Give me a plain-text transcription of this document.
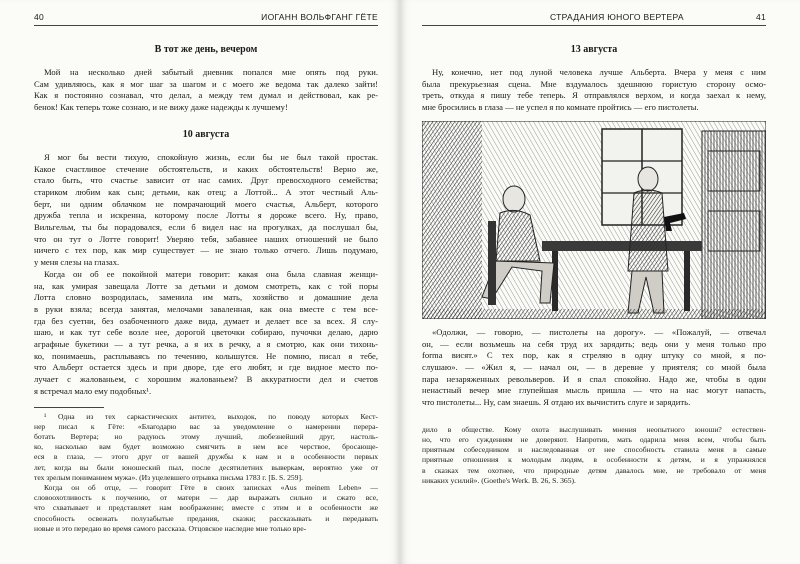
40	ИОГАНН ВОЛЬФГАНГ ГЁТЕ
В тот же день, вечером
Мой на несколько дней забытый дневник попался мне опять под руки.
Сам удивляюсь, как я мог шаг за шагом и с моего же ведома так далеко зайти!
Как я постоянно сознавал, что делал, а между тем думал и действовал, как ре-
бенок! Как теперь тоже сознаю, и не вижу даже надежды к лучшему!
10 августа
Я мог бы вести тихую, спокойную жизнь, если бы не был такой простак.
Какое счастливое стечение обстоятельств, и каких обстоятельств! Верно же,
стало быть, что счастье зависит от нас самих. Друг превосходного семейства;
стариком любим как сын; детьми, как отец; а Лоттой... А этот честный Аль-
берт, ни одним облачком не помрачающий моего счастья, Альберт, которого
дружба тепла и искренна, которому после Лотты я дороже всего. Ну, право,
Вильгельм, ты бы порадовался, если б видел нас на прогулках, да послушал бы,
что он тут о Лотте говорит! Уверяю тебя, забавнее наших отношений не было
ничего с тех пор, как мир существует — не знаю только отчего. Лишь подумаю,
у меня слезы на глазах.
Когда он об ее покойной матери говорит: какая она была славная женщи-
на, как умирая завещала Лотте за детьми и домом смотреть, как с той поры
Лотта словно возродилась, заменила им мать, хозяйство и домашние дела
в руки взяла; всегда занятая, мелочами заваленная, как она вместе с тем все-
гда без суетни, без озабоченного даже вида, думает и делает все за всех. Я слу-
шаю, и как тут себе возле нее, дорогой цветочки собираю, пучочки делаю, дарю
аграфные букетики — а тут речка, а я их в речку, а я смотрю, как они тихонь-
ко, понимаешь, расплываясь по течению, колышутся. Не помню, писал я тебе,
что Альберт остается здесь и при дворе, где его любят, и где видное место по-
лучает с жалованьем, с хорошим жалованьем? В аккуратности дел и счетов
я встречал мало ему подобных¹.
¹ Одна из тех саркастических антитез, выходок, по поводу которых Кест-
нер писал к Гёте: «Благодарю вас за уведомление о намерении перера-
ботать Вертера; но радуюсь этому лучший, любезнейший друг, настоль-
ко, насколько вам будет возможно смягчить в нем все черствое, бросающе-
еся в глаза, — этого друг от вашей дружбы к нам и в особенности первых
лет, когда вы были юношеский пыл, после десятилетних выверкам, вероятно уже от
тех зрелым пониманием мужа». (Из уцелевшего отрывка письма 1783 г. [Б. S. 259].
Когда он об отце, — говорит Гёте в своих записках «Aus meinem Leben» —
словоохотливость к поучению, от матери — дар выражать сильно и сжато все,
что схватывает и представляет нам воображение; вместе с этим и в особенности же
способность освежать полузабытые предания, сказки; рассказывать и передавать
новые и это передаю во время самого рассказа. Отцовское наследие мне только вре-
СТРАДАНИЯ ЮНОГО ВЕРТЕРА	41
13 августа
Ну, конечно, нет под луной человека лучше Альберта. Вчера у меня с ним
была прекурьезная сцена. Мне вздумалось здешнюю гористую сторону осмо-
треть, откуда я пишу тебе теперь. Я отправлялся верхом, и когда заехал к нему,
мне бросились в глаза — не успел я по комнате пройтись — его пистолеты.
«Одолжи, — говорю, — пистолеты на дорогу». — «Пожалуй, — отвечал
он, — если возьмешь на себя труд их зарядить; ведь они у меня только про
forma висят.» С тех пор, как я стреляю в одну штуку со мной, я по-
слушаю». — «Жил я, — начал он, — в деревне у приятеля; со мной была
пара незаряженных револьверов. И я спал спокойно. Надо же, чтобы в один
ненастный вечер мне глупейшая мысль пришла — что на нас могут напасть,
что пистолеты... Ну, сам знаешь. Я отдаю их вычистить слуге и зарядить.
дило в обществе. Кому охота выслушивать мнения неопытного юноши? естествен-
но, что его суждениям не доверяют. Напротив, мать одарила меня всем, чтобы быть
приятным собеседником и наследованная от нее способность ставила меня в самые
приятные отношения к молодым людям, в особенности к детям, и я упражнялся
в сказках тем охотнее, что природные детям давалось мне, не требовало от меня
никаких усилий». (Goethe's Werk. B. 26, S. 365).
